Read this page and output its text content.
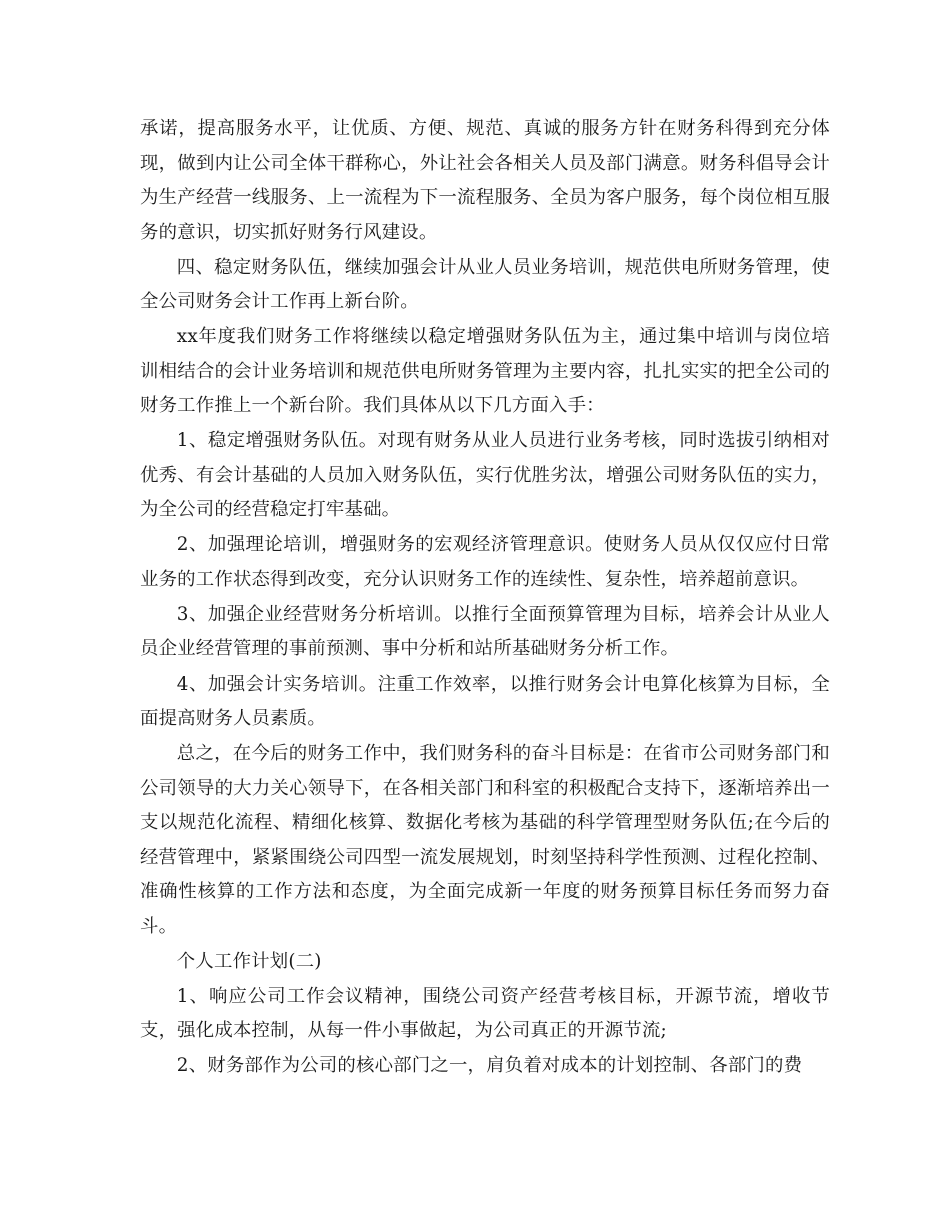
承诺，提高服务水平，让优质、方便、规范、真诚的服务方针在财务科得到充分体现，做到内让公司全体干群称心，外让社会各相关人员及部门满意。财务科倡导会计为生产经营一线服务、上一流程为下一流程服务、全员为客户服务，每个岗位相互服务的意识，切实抓好财务行风建设。

四、稳定财务队伍，继续加强会计从业人员业务培训，规范供电所财务管理，使全公司财务会计工作再上新台阶。

xx年度我们财务工作将继续以稳定增强财务队伍为主，通过集中培训与岗位培训相结合的会计业务培训和规范供电所财务管理为主要内容，扎扎实实的把全公司的财务工作推上一个新台阶。我们具体从以下几方面入手：

1、稳定增强财务队伍。对现有财务从业人员进行业务考核，同时选拔引纳相对优秀、有会计基础的人员加入财务队伍，实行优胜劣汰，增强公司财务队伍的实力，为全公司的经营稳定打牢基础。

2、加强理论培训，增强财务的宏观经济管理意识。使财务人员从仅仅应付日常业务的工作状态得到改变，充分认识财务工作的连续性、复杂性，培养超前意识。

3、加强企业经营财务分析培训。以推行全面预算管理为目标，培养会计从业人员企业经营管理的事前预测、事中分析和站所基础财务分析工作。

4、加强会计实务培训。注重工作效率，以推行财务会计电算化核算为目标，全面提高财务人员素质。

总之，在今后的财务工作中，我们财务科的奋斗目标是：在省市公司财务部门和公司领导的大力关心领导下，在各相关部门和科室的积极配合支持下，逐渐培养出一支以规范化流程、精细化核算、数据化考核为基础的科学管理型财务队伍;在今后的经营管理中，紧紧围绕公司四型一流发展规划，时刻坚持科学性预测、过程化控制、准确性核算的工作方法和态度，为全面完成新一年度的财务预算目标任务而努力奋斗。

个人工作计划(二)

1、响应公司工作会议精神，围绕公司资产经营考核目标，开源节流，增收节支，强化成本控制，从每一件小事做起，为公司真正的开源节流;

2、财务部作为公司的核心部门之一，肩负着对成本的计划控制、各部门的费
